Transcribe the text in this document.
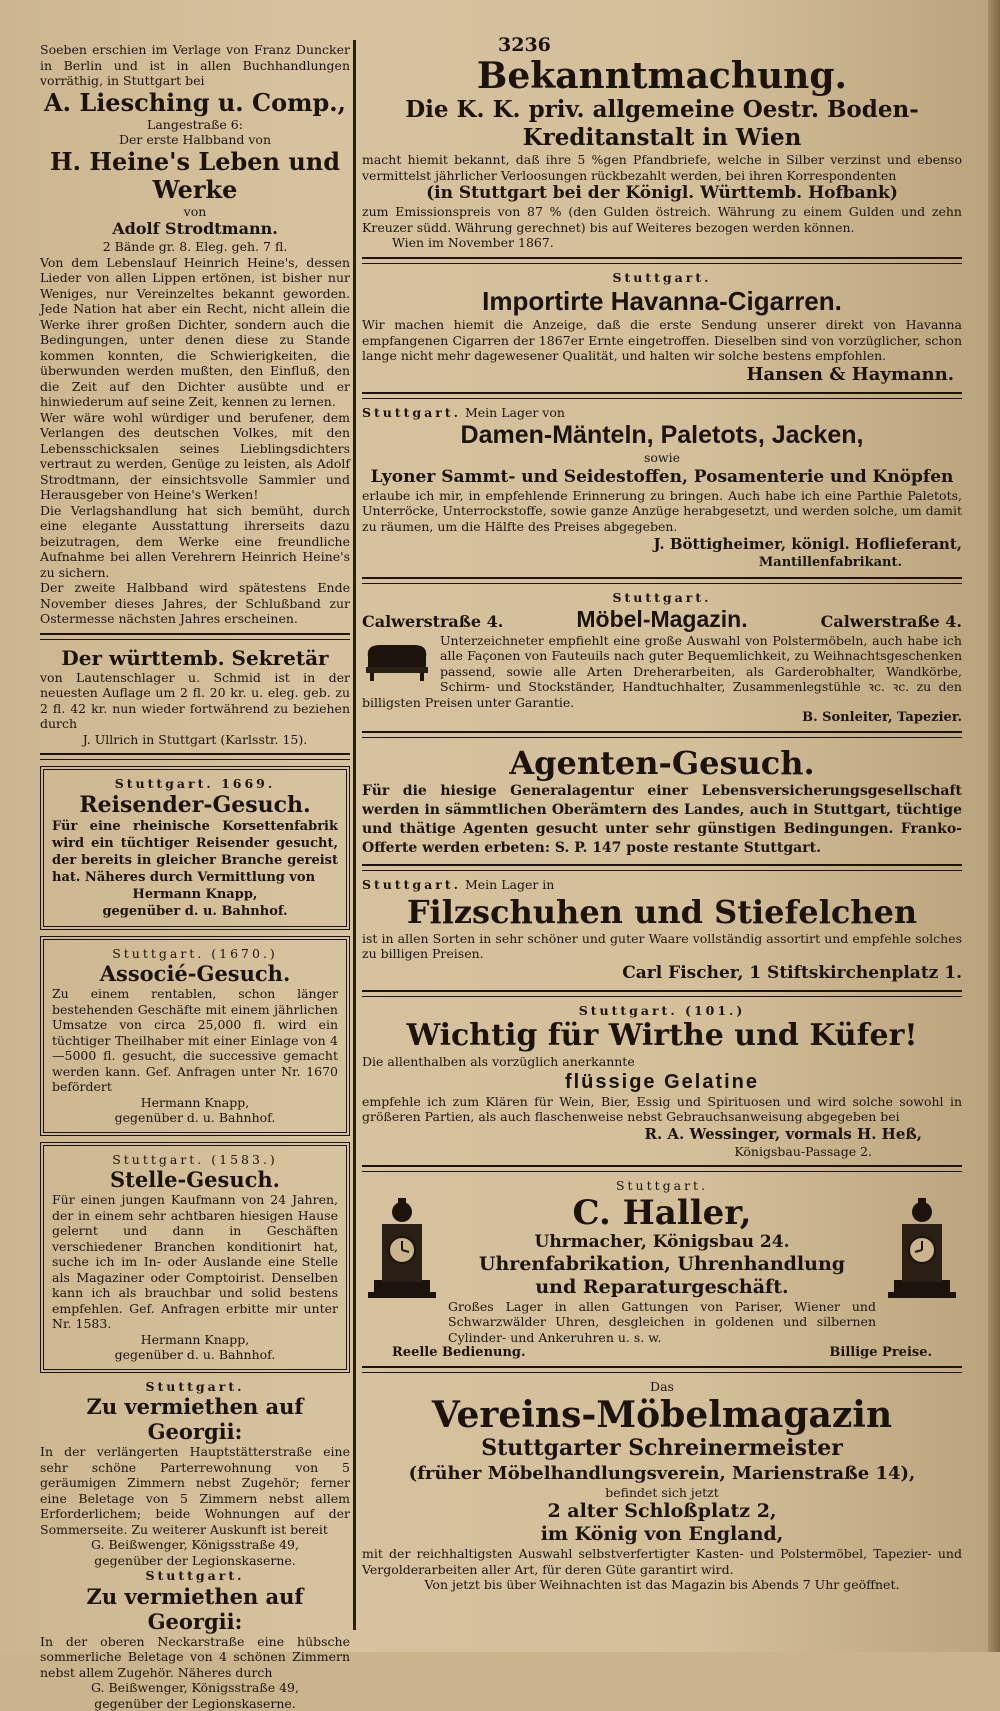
3236

Soeben erschien im Verlage von Franz Duncker in Berlin und ist in allen Buchhandlungen vorräthig, in Stuttgart bei

A. Liesching u. Comp.,

Langestraße 6:

Der erste Halbband von

H. Heine's Leben und

Werke

von

Adolf Strodtmann.

2 Bände gr. 8. Eleg. geh. 7 fl.

Von dem Lebenslauf Heinrich Heine's, dessen Lieder von allen Lippen ertönen, ist bisher nur Weniges, nur Vereinzeltes bekannt geworden. Jede Nation hat aber ein Recht, nicht allein die Werke ihrer großen Dichter, sondern auch die Bedingungen, unter denen diese zu Stande kommen konnten, die Schwierigkeiten, die überwunden werden mußten, den Einfluß, den die Zeit auf den Dichter ausübte und er hinwiederum auf seine Zeit, kennen zu lernen.

Wer wäre wohl würdiger und berufener, dem Verlangen des deutschen Volkes, mit den Lebensschicksalen seines Lieblingsdichters vertraut zu werden, Genüge zu leisten, als Adolf Strodtmann, der einsichtsvolle Sammler und Herausgeber von Heine's Werken!

Die Verlagshandlung hat sich bemüht, durch eine elegante Ausstattung ihrerseits dazu beizutragen, dem Werke eine freundliche Aufnahme bei allen Verehrern Heinrich Heine's zu sichern.

Der zweite Halbband wird spätestens Ende November dieses Jahres, der Schlußband zur Ostermesse nächsten Jahres erscheinen.

Der württemb. Sekretär

von Lautenschlager u. Schmid ist in der neuesten Auflage um 2 fl. 20 kr. u. eleg. geb. zu 2 fl. 42 kr. nun wieder fortwährend zu beziehen durch

J. Ullrich in Stuttgart (Karlsstr. 15).

Stuttgart. 1669.

Reisender-Gesuch.

Für eine rheinische Korsettenfabrik wird ein tüchtiger Reisender gesucht, der bereits in gleicher Branche gereist hat. Näheres durch Vermittlung von

Hermann Knapp,

gegenüber d. u. Bahnhof.

Stuttgart. (1670.)

Associé-Gesuch.

Zu einem rentablen, schon länger bestehenden Geschäfte mit einem jährlichen Umsatze von circa 25,000 fl. wird ein tüchtiger Theilhaber mit einer Einlage von 4—5000 fl. gesucht, die successive gemacht werden kann. Gef. Anfragen unter Nr. 1670 befördert

Hermann Knapp,

gegenüber d. u. Bahnhof.

Stuttgart. (1583.)

Stelle-Gesuch.

Für einen jungen Kaufmann von 24 Jahren, der in einem sehr achtbaren hiesigen Hause gelernt und dann in Geschäften verschiedener Branchen konditionirt hat, suche ich im In- oder Auslande eine Stelle als Magaziner oder Comptoirist. Denselben kann ich als brauchbar und solid bestens empfehlen. Gef. Anfragen erbitte mir unter Nr. 1583.

Hermann Knapp,

gegenüber d. u. Bahnhof.

Stuttgart.

Zu vermiethen auf Georgii:

In der verlängerten Hauptstätterstraße eine sehr schöne Parterrewohnung von 5 geräumigen Zimmern nebst Zugehör; ferner eine Beletage von 5 Zimmern nebst allem Erforderlichem; beide Wohnungen auf der Sommerseite. Zu weiterer Auskunft ist bereit

G. Beißwenger, Königsstraße 49,

gegenüber der Legionskaserne.

Stuttgart.

Zu vermiethen auf Georgii:

In der oberen Neckarstraße eine hübsche sommerliche Beletage von 4 schönen Zimmern nebst allem Zugehör. Näheres durch

G. Beißwenger, Königsstraße 49,

gegenüber der Legionskaserne.

Bekanntmachung.

Die K. K. priv. allgemeine Oestr. Boden-

Kreditanstalt in Wien

macht hiemit bekannt, daß ihre 5 %gen Pfandbriefe, welche in Silber verzinst und ebenso vermittelst jährlicher Verloosungen rückbezahlt werden, bei ihren Korrespondenten

(in Stuttgart bei der Königl. Württemb. Hofbank)

zum Emissionspreis von 87 % (den Gulden östreich. Währung zu einem Gulden und zehn Kreuzer südd. Währung gerechnet) bis auf Weiteres bezogen werden können.

Wien im November 1867.

Stuttgart.

Importirte Havanna-Cigarren.

Wir machen hiemit die Anzeige, daß die erste Sendung unserer direkt von Havanna empfangenen Cigarren der 1867er Ernte eingetroffen. Dieselben sind von vorzüglicher, schon lange nicht mehr dagewesener Qualität, und halten wir solche bestens empfohlen.

Hansen & Haymann.

Stuttgart. Mein Lager von

Damen-Mänteln, Paletots, Jacken,

sowie

Lyoner Sammt- und Seidestoffen, Posamenterie und Knöpfen

erlaube ich mir, in empfehlende Erinnerung zu bringen. Auch habe ich eine Parthie Paletots, Unterröcke, Unterrockstoffe, sowie ganze Anzüge herabgesetzt, und werden solche, um damit zu räumen, um die Hälfte des Preises abgegeben.

J. Böttigheimer, königl. Hoflieferant,

Mantillenfabrikant.

Stuttgart.

Calwerstraße 4.	Möbel-Magazin.	Calwerstraße 4.

Unterzeichneter empfiehlt eine große Auswahl von Polstermöbeln, auch habe ich alle Façonen von Fauteuils nach guter Bequemlichkeit, zu Weihnachtsgeschenken passend, sowie alle Arten Dreherarbeiten, als Garderobhalter, Wandkörbe, Schirm- und Stockständer, Handtuchhalter, Zusammenlegstühle ꝛc. ꝛc. zu den billigsten Preisen unter Garantie.

B. Sonleiter, Tapezier.

Agenten-Gesuch.

Für die hiesige Generalagentur einer Lebensversicherungsgesellschaft werden in sämmtlichen Oberämtern des Landes, auch in Stuttgart, tüchtige und thätige Agenten gesucht unter sehr günstigen Bedingungen. Franko-Offerte werden erbeten: S. P. 147 poste restante Stuttgart.

Stuttgart. Mein Lager in

Filzschuhen und Stiefelchen

ist in allen Sorten in sehr schöner und guter Waare vollständig assortirt und empfehle solches zu billigen Preisen.

Carl Fischer, 1 Stiftskirchenplatz 1.

Stuttgart. (101.)

Wichtig für Wirthe und Küfer!

Die allenthalben als vorzüglich anerkannte

flüssige Gelatine

empfehle ich zum Klären für Wein, Bier, Essig und Spirituosen und wird solche sowohl in größeren Partien, als auch flaschenweise nebst Gebrauchsanweisung abgegeben bei

R. A. Wessinger, vormals H. Heß,

Königsbau-Passage 2.

Stuttgart.

C. Haller,

Uhrmacher, Königsbau 24.

Uhrenfabrikation, Uhrenhandlung

und Reparaturgeschäft.

Großes Lager in allen Gattungen von Pariser, Wiener und Schwarzwälder Uhren, desgleichen in goldenen und silbernen Cylinder- und Ankeruhren u. s. w.

Reelle Bedienung.	Billige Preise.

Das

Vereins-Möbelmagazin

Stuttgarter Schreinermeister

(früher Möbelhandlungsverein, Marienstraße 14),

befindet sich jetzt

2 alter Schloßplatz 2,

im König von England,

mit der reichhaltigsten Auswahl selbstverfertigter Kasten- und Polstermöbel, Tapezier- und Vergolderarbeiten aller Art, für deren Güte garantirt wird.

Von jetzt bis über Weihnachten ist das Magazin bis Abends 7 Uhr geöffnet.
